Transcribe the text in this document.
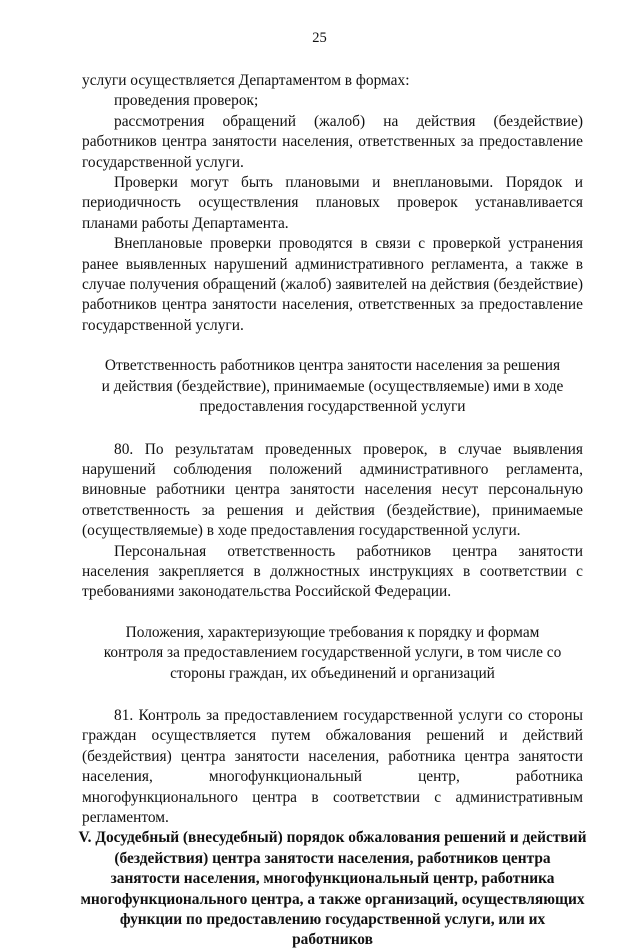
25

услуги осуществляется Департаментом в формах:

проведения проверок;

рассмотрения обращений (жалоб) на действия (бездействие) работников центра занятости населения, ответственных за предоставление государственной услуги.

Проверки могут быть плановыми и внеплановыми. Порядок и периодичность осуществления плановых проверок устанавливается планами работы Департамента.

Внеплановые проверки проводятся в связи с проверкой устранения ранее выявленных нарушений административного регламента, а также в случае получения обращений (жалоб) заявителей на действия (бездействие) работников центра занятости населения, ответственных за предоставление государственной услуги.

Ответственность работников центра занятости населения за решения и действия (бездействие), принимаемые (осуществляемые) ими в ходе предоставления государственной услуги

80. По результатам проведенных проверок, в случае выявления нарушений соблюдения положений административного регламента, виновные работники центра занятости населения несут персональную ответственность за решения и действия (бездействие), принимаемые (осуществляемые) в ходе предоставления государственной услуги.

Персональная ответственность работников центра занятости населения закрепляется в должностных инструкциях в соответствии с требованиями законодательства Российской Федерации.

Положения, характеризующие требования к порядку и формам контроля за предоставлением государственной услуги, в том числе со стороны граждан, их объединений и организаций

81. Контроль за предоставлением государственной услуги со стороны граждан осуществляется путем обжалования решений и действий (бездействия) центра занятости населения, работника центра занятости населения, многофункциональный центр, работника многофункционального центра в соответствии с административным регламентом.

V. Досудебный (внесудебный) порядок обжалования решений и действий (бездействия) центра занятости населения, работников центра занятости населения, многофункциональный центр, работника многофункционального центра, а также организаций, осуществляющих функции по предоставлению государственной услуги, или их работников
